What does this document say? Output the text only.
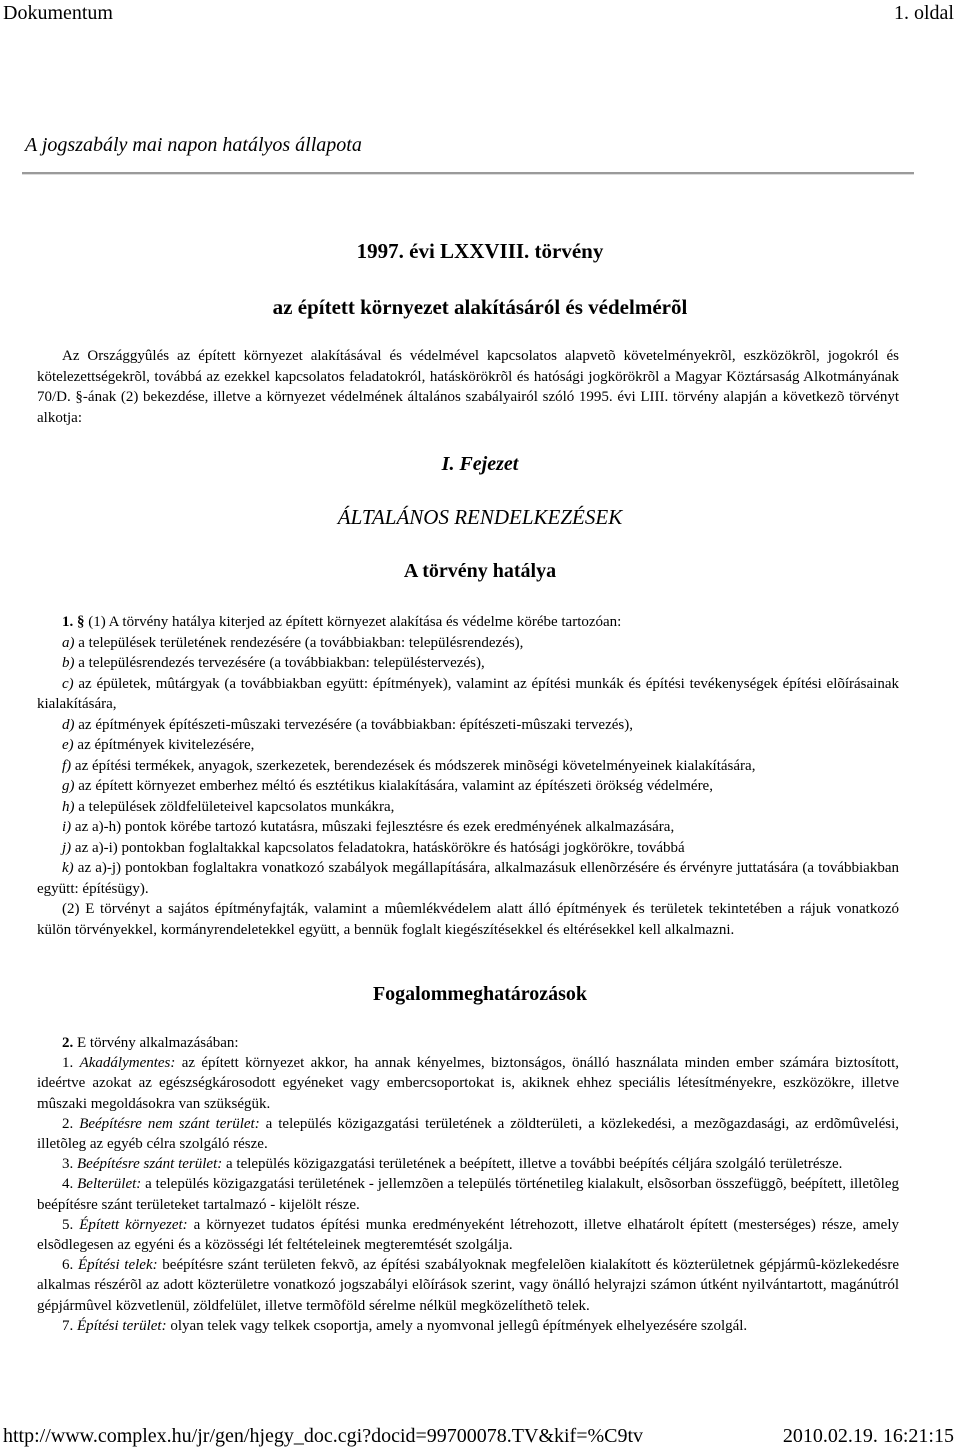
Dokumentum	1. oldal
A jogszabály mai napon hatályos állapota
1997. évi LXXVIII. törvény
az épített környezet alakításáról és védelmérõl
Az Országgyûlés az épített környezet alakításával és védelmével kapcsolatos alapvetõ követelményekrõl, eszközökrõl, jogokról és kötelezettségekrõl, továbbá az ezekkel kapcsolatos feladatokról, hatáskörökrõl és hatósági jogkörökrõl a Magyar Köztársaság Alkotmányának 70/D. §-ának (2) bekezdése, illetve a környezet védelmének általános szabályairól szóló 1995. évi LIII. törvény alapján a következõ törvényt alkotja:
I. Fejezet
ÁLTALÁNOS RENDELKEZÉSEK
A törvény hatálya

1. § (1) A törvény hatálya kiterjed az épített környezet alakítása és védelme körébe tartozóan:

a) a települések területének rendezésére (a továbbiakban: településrendezés),

b) a településrendezés tervezésére (a továbbiakban: településtervezés),

c) az épületek, mûtárgyak (a továbbiakban együtt: építmények), valamint az építési munkák és építési tevékenységek építési elõírásainak kialakítására,

d) az építmények építészeti-mûszaki tervezésére (a továbbiakban: építészeti-mûszaki tervezés),

e) az építmények kivitelezésére,

f) az építési termékek, anyagok, szerkezetek, berendezések és módszerek minõségi követelményeinek kialakítására,

g) az épített környezet emberhez méltó és esztétikus kialakítására, valamint az építészeti örökség védelmére,

h) a települések zöldfelületeivel kapcsolatos munkákra,

i) az a)-h) pontok körébe tartozó kutatásra, mûszaki fejlesztésre és ezek eredményének alkalmazására,

j) az a)-i) pontokban foglaltakkal kapcsolatos feladatokra, hatáskörökre és hatósági jogkörökre, továbbá

k) az a)-j) pontokban foglaltakra vonatkozó szabályok megállapítására, alkalmazásuk ellenõrzésére és érvényre juttatására (a továbbiakban együtt: építésügy).

(2) E törvényt a sajátos építményfajták, valamint a mûemlékvédelem alatt álló építmények és területek tekintetében a rájuk vonatkozó külön törvényekkel, kormányrendeletekkel együtt, a bennük foglalt kiegészítésekkel és eltérésekkel kell alkalmazni.

Fogalommeghatározások

2. E törvény alkalmazásában:

1. Akadálymentes: az épített környezet akkor, ha annak kényelmes, biztonságos, önálló használata minden ember számára biztosított, ideértve azokat az egészségkárosodott egyéneket vagy embercsoportokat is, akiknek ehhez speciális létesítményekre, eszközökre, illetve mûszaki megoldásokra van szükségük.

2. Beépítésre nem szánt terület: a település közigazgatási területének a zöldterületi, a közlekedési, a mezõgazdasági, az erdõmûvelési, illetõleg az egyéb célra szolgáló része.

3. Beépítésre szánt terület: a település közigazgatási területének a beépített, illetve a további beépítés céljára szolgáló területrésze.

4. Belterület: a település közigazgatási területének - jellemzõen a település történetileg kialakult, elsõsorban összefüggõ, beépített, illetõleg beépítésre szánt területeket tartalmazó - kijelölt része.

5. Épített környezet: a környezet tudatos építési munka eredményeként létrehozott, illetve elhatárolt épített (mesterséges) része, amely elsõdlegesen az egyéni és a közösségi lét feltételeinek megteremtését szolgálja.

6. Építési telek: beépítésre szánt területen fekvõ, az építési szabályoknak megfelelõen kialakított és közterületnek gépjármû-közlekedésre alkalmas részérõl az adott közterületre vonatkozó jogszabályi elõírások szerint, vagy önálló helyrajzi számon útként nyilvántartott, magánútról gépjármûvel közvetlenül, zöldfelület, illetve termõföld sérelme nélkül megközelíthetõ telek.

7. Építési terület: olyan telek vagy telkek csoportja, amely a nyomvonal jellegû építmények elhelyezésére szolgál.

http://www.complex.hu/jr/gen/hjegy_doc.cgi?docid=99700078.TV&kif=%C9tv	2010.02.19. 16:21:15
